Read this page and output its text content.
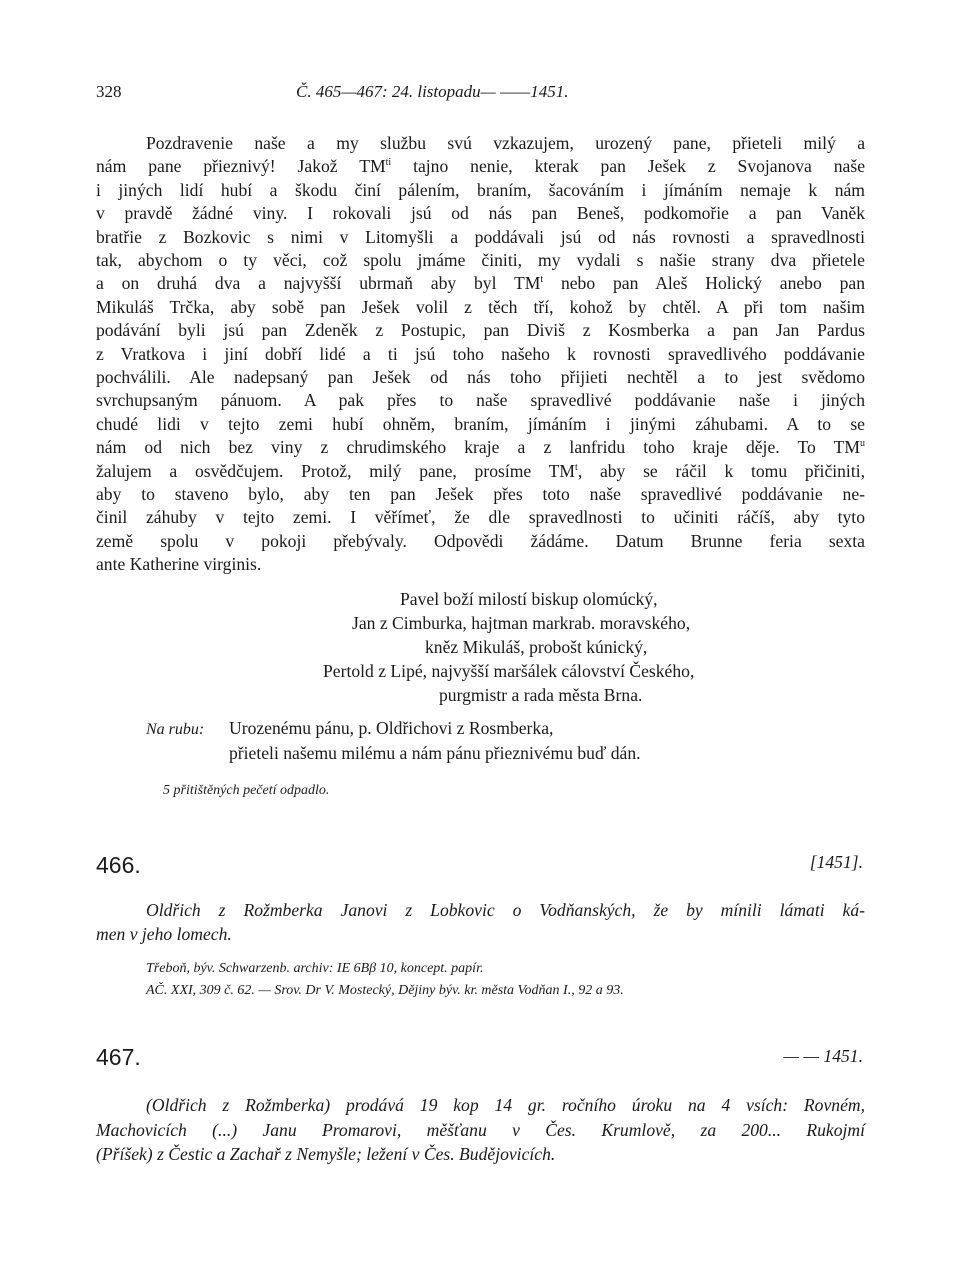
328	Č. 465—467: 24. listopadu— ——1451.
Pozdravenie naše a my službu svú vzkazujem, urozený pane, přieteli milý a
nám pane přieznivý! Jakož $TM^{ti}$ tajno nenie, kterak pan Ješek z Svojanova naše
i jiných lidí hubí a škodu činí pálením, braním, šacováním i jímáním nemaje k nám
v pravdě žádné viny. I rokovali jsú od nás pan Beneš, podkomořie a pan Vaněk
bratřie z Bozkovic s nimi v Litomyšli a poddávali jsú od nás rovnosti a spravedlnosti
tak, abychom o ty věci, což spolu jmáme činiti, my vydali s našie strany dva přietele
a on druhá dva a najvyšší ubrmaň aby byl $TM^t$ nebo pan Aleš Holický anebo pan
Mikuláš Trčka, aby sobě pan Ješek volil z těch tří, kohož by chtěl. A při tom našim
podávání byli jsú pan Zdeněk z Postupic, pan Diviš z Kosmberka a pan Jan Pardus
z Vratkova i jiní dobří lidé a ti jsú toho našeho k rovnosti spravedlivého poddávanie
pochválili. Ale nadepsaný pan Ješek od nás toho přijieti nechtěl a to jest svědomo
svrchupsaným pánuom. A pak přes to naše spravedlivé poddávanie naše i jiných
chudé lidi v tejto zemi hubí ohněm, braním, jímáním i jinými záhubami. A to se
nám od nich bez viny z chrudimského kraje a z lanfridu toho kraje děje. To $TM^u$
žalujem a osvědčujem. Protož, milý pane, prosíme $TM^t$, aby se ráčil k tomu přičiniti,
aby to staveno bylo, aby ten pan Ješek přes toto naše spravedlivé poddávanie ne-
činil záhuby v tejto zemi. I věřímeť, že dle spravedlnosti to učiniti ráčíš, aby tyto
země spolu v pokoji přebývaly. Odpovědi žádáme. Datum Brunne feria sexta
ante Katherine virginis.
Pavel boží milostí biskup olomúcký,
Jan z Cimburka, hajtman markrab. moravského,
kněz Mikuláš, probošt kúnický,
Pertold z Lipé, najvyšší maršálek cálovství Českého,
purgmistr a rada města Brna.
Na rubu: Urozenému pánu, p. Oldřichovi z Rosmberka,
přieteli našemu milému a nám pánu přieznivému buď dán.
5 přitištěných pečetí odpadlo.
466.	[1451].
Oldřich z Rožmberka Janovi z Lobkovic o Vodňanských, že by mínili lámati ká-
men v jeho lomech.
Třeboň, býv. Schwarzenb. archiv: IE 6Bβ 10, koncept. papír.
AČ. XXI, 309 č. 62. — Srov. Dr V. Mostecký, Dějiny býv. kr. města Vodňan I., 92 a 93.
467.	— — 1451.
(Oldřich z Rožmberka) prodává 19 kop 14 gr. ročního úroku na 4 vsích: Rovném,
Machovicích (...) Janu Promarovi, měšťanu v Čes. Krumlově, za 200... Rukojmí
(Příšek) z Čestic a Zachař z Nemyšle; ležení v Čes. Budějovicích.
